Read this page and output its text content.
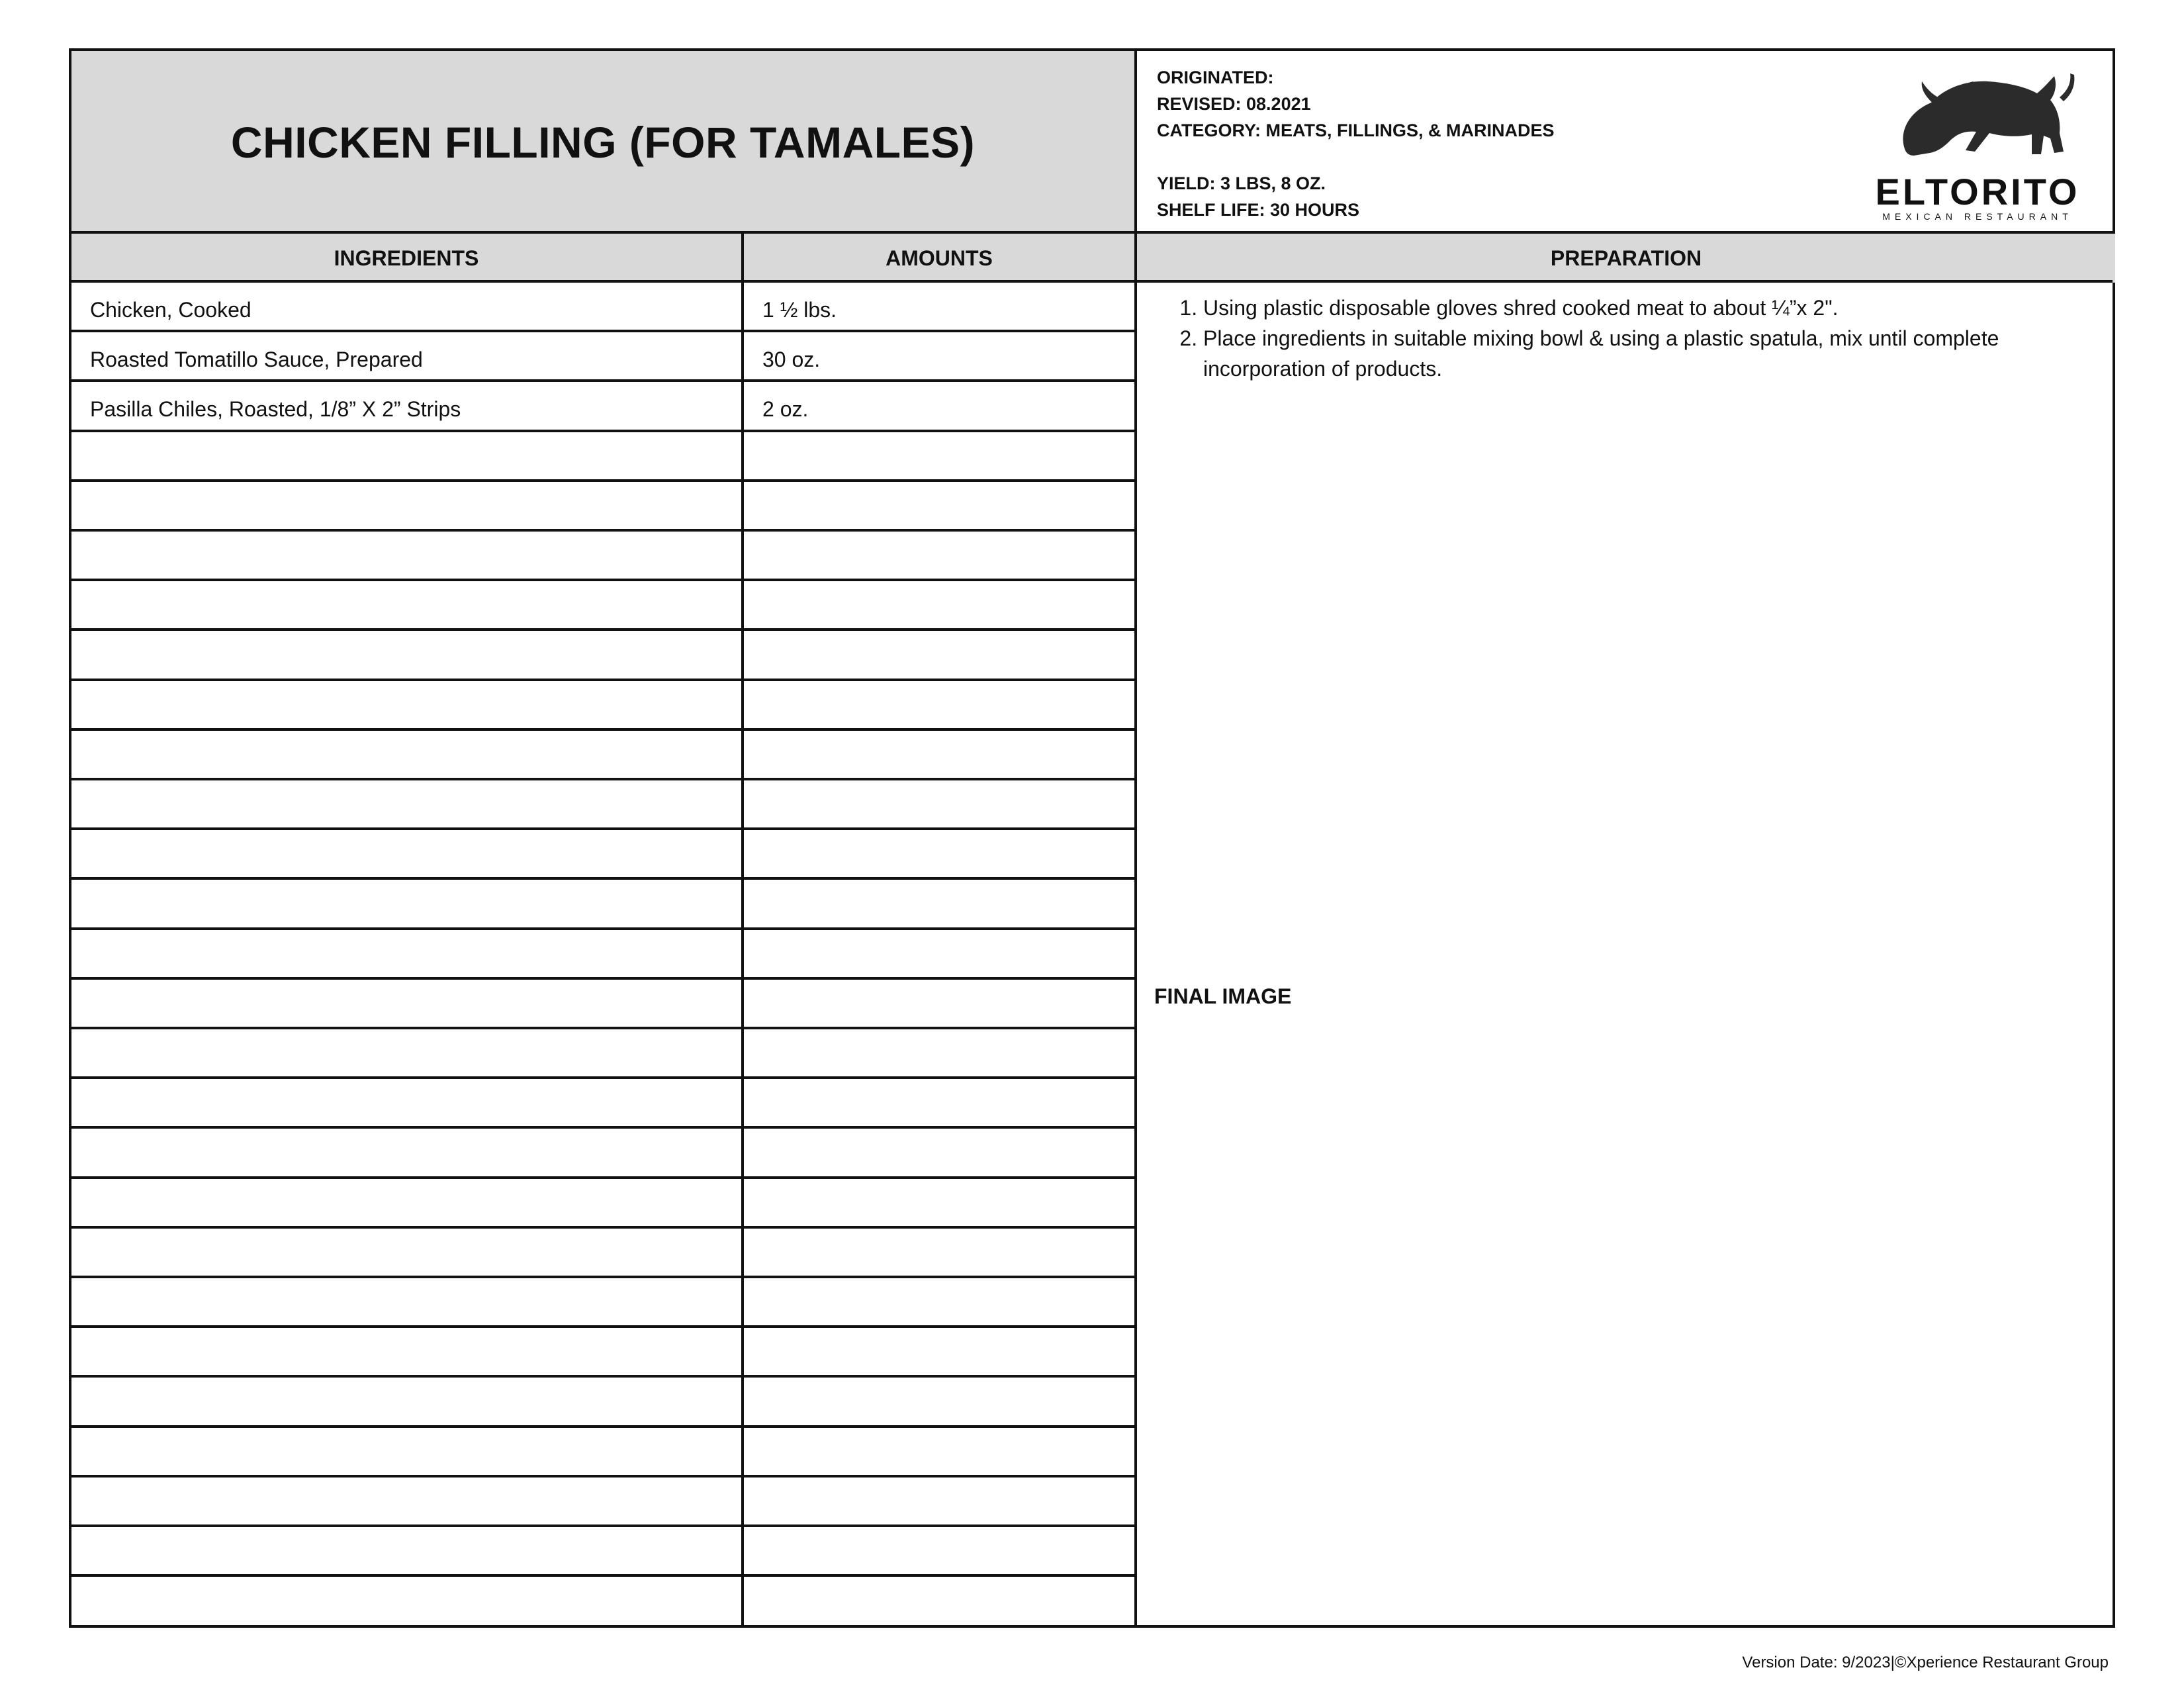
CHICKEN FILLING (FOR TAMALES)
ORIGINATED:
REVISED: 08.2021
CATEGORY: MEATS, FILLINGS, & MARINADES
YIELD: 3 LBS, 8 OZ.
SHELF LIFE: 30 HOURS	ELTORITO
MEXICAN RESTAURANT
INGREDIENTS	AMOUNTS	PREPARATION
Chicken, Cooked	1 ½ lbs.
Roasted Tomatillo Sauce, Prepared	30 oz.
Pasilla Chiles, Roasted, 1/8” X 2” Strips	2 oz.
1. Using plastic disposable gloves shred cooked meat to about ¼”x 2".
2. Place ingredients in suitable mixing bowl & using a plastic spatula, mix until complete incorporation of products.
FINAL IMAGE
Version Date: 9/2023|©Xperience Restaurant Group
